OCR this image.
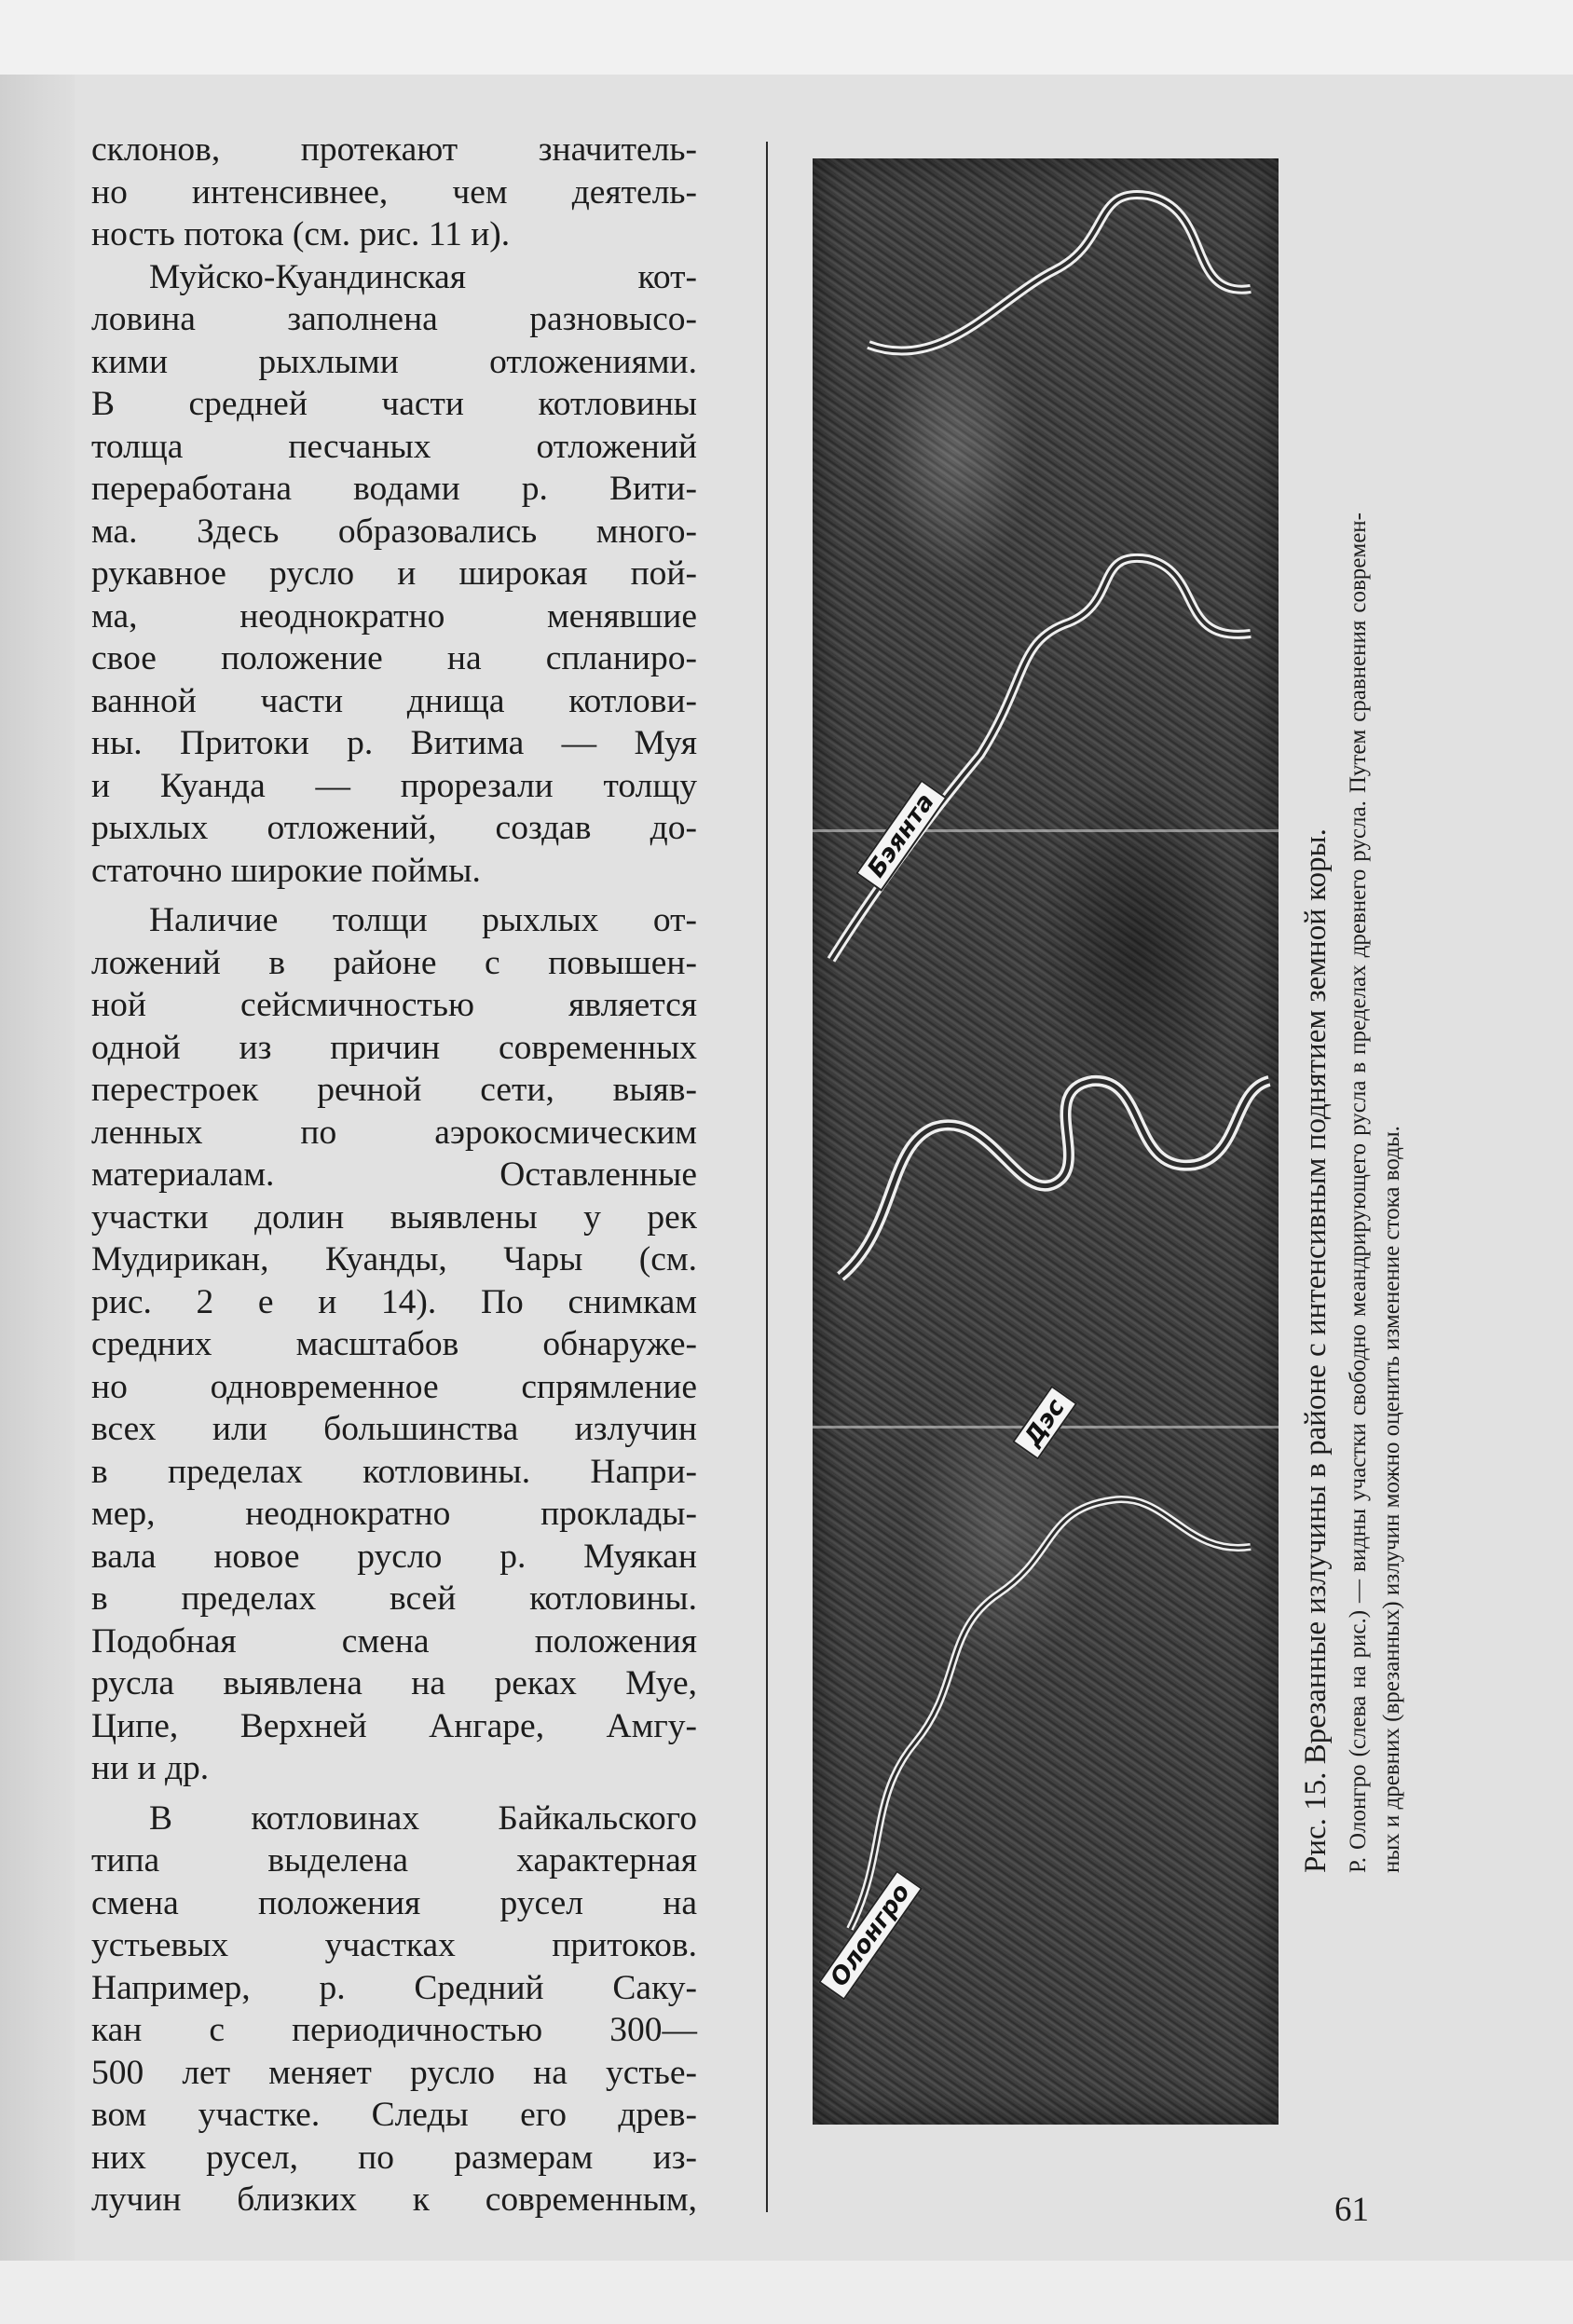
склонов, протекают значитель-
но интенсивнее, чем деятель-
ность потока (см. рис. 11 и).
Муйско-Куандинская кот-
ловина заполнена разновысо-
кими рыхлыми отложениями.
В средней части котловины
толща песчаных отложений
переработана водами р. Вити-
ма. Здесь образовались много-
рукавное русло и широкая пой-
ма, неоднократно менявшие
свое положение на спланиро-
ванной части днища котлови-
ны. Притоки р. Витима — Муя
и Куанда — прорезали толщу
рыхлых отложений, создав до-
статочно широкие поймы.
Наличие толщи рыхлых от-
ложений в районе с повышен-
ной сейсмичностью является
одной из причин современных
перестроек речной сети, выяв-
ленных по аэрокосмическим
материалам. Оставленные
участки долин выявлены у рек
Мудирикан, Куанды, Чары (см.
рис. 2 е и 14). По снимкам
средних масштабов обнаруже-
но одновременное спрямление
всех или большинства излучин
в пределах котловины. Напри-
мер, неоднократно проклады-
вала новое русло р. Муякан
в пределах всей котловины.
Подобная смена положения
русла выявлена на реках Муе,
Ципе, Верхней Ангаре, Амгу-
ни и др.
В котловинах Байкальского
типа выделена характерная
смена положения русел на
устьевых участках притоков.
Например, р. Средний Саку-
кан с периодичностью 300—
500 лет меняет русло на устье-
вом участке. Следы его древ-
них русел, по размерам из-
лучин близких к современным,
Бэянта
Дэс
Олонгро

Рис. 15. Врезанные излучины в районе с интенсивным поднятием земной коры. Р. Олонгро (слева на рис.) — видны участки свободно меандрирующего русла в пределах древнего русла. Путем сравнения современ- ных и древних (врезанных) излучин можно оценить изменение стока воды.
61
